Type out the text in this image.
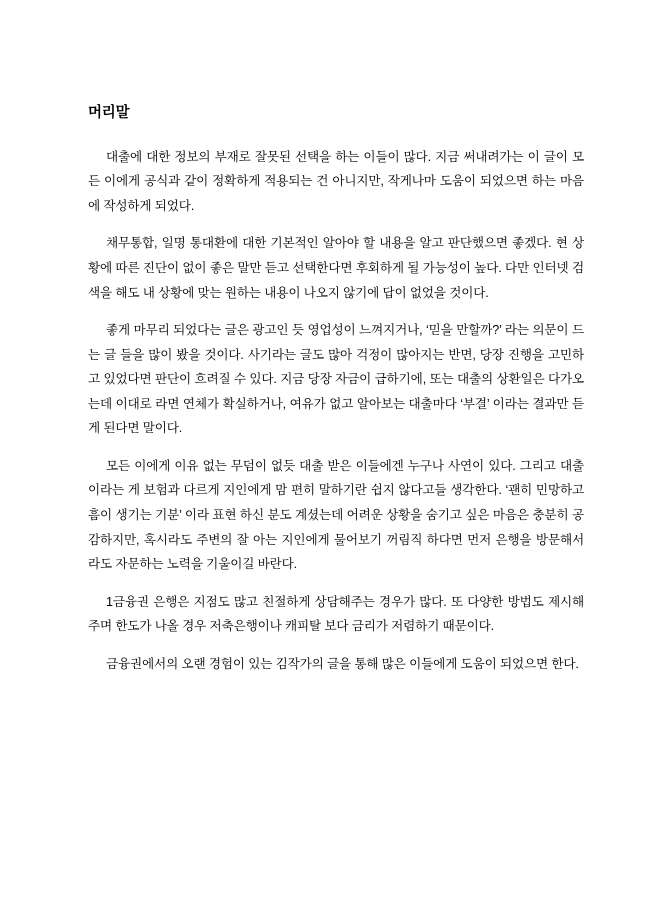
머리말

대출에 대한 정보의 부재로 잘못된 선택을 하는 이들이 많다. 지금 써내려가는 이 글이 모든 이에게 공식과 같이 정확하게 적용되는 건 아니지만, 작게나마 도움이 되었으면 하는 마음에 작성하게 되었다.

채무통합, 일명 통대환에 대한 기본적인 알아야 할 내용을 알고 판단했으면 좋겠다. 현 상황에 따른 진단이 없이 좋은 말만 듣고 선택한다면 후회하게 될 가능성이 높다. 다만 인터넷 검색을 해도 내 상황에 맞는 원하는 내용이 나오지 않기에 답이 없었을 것이다.

좋게 마무리 되었다는 글은 광고인 듯 영업성이 느껴지거나, ‘믿을 만할까?’ 라는 의문이 드는 글 들을 많이 봤을 것이다. 사기라는 글도 많아 걱정이 많아지는 반면, 당장 진행을 고민하고 있었다면 판단이 흐려질 수 있다. 지금 당장 자금이 급하기에, 또는 대출의 상환일은 다가오는데 이대로 라면 연체가 확실하거나, 여유가 없고 알아보는 대출마다 ‘부결’ 이라는 결과만 듣게 된다면 말이다.

모든 이에게 이유 없는 무덤이 없듯 대출 받은 이들에겐 누구나 사연이 있다. 그리고 대출이라는 게 보험과 다르게 지인에게 맘 편히 말하기란 쉽지 않다고들 생각한다. ‘괜히 민망하고 흠이 생기는 기분’ 이라 표현 하신 분도 계셨는데 어려운 상황을 숨기고 싶은 마음은 충분히 공감하지만, 혹시라도 주변의 잘 아는 지인에게 물어보기 꺼림직 하다면 먼저 은행을 방문해서라도 자문하는 노력을 기울이길 바란다.

1금융권 은행은 지점도 많고 친절하게 상담해주는 경우가 많다. 또 다양한 방법도 제시해주며 한도가 나올 경우 저축은행이나 캐피탈 보다 금리가 저렴하기 때문이다.

금융권에서의 오랜 경험이 있는 김작가의 글을 통해 많은 이들에게 도움이 되었으면 한다.
